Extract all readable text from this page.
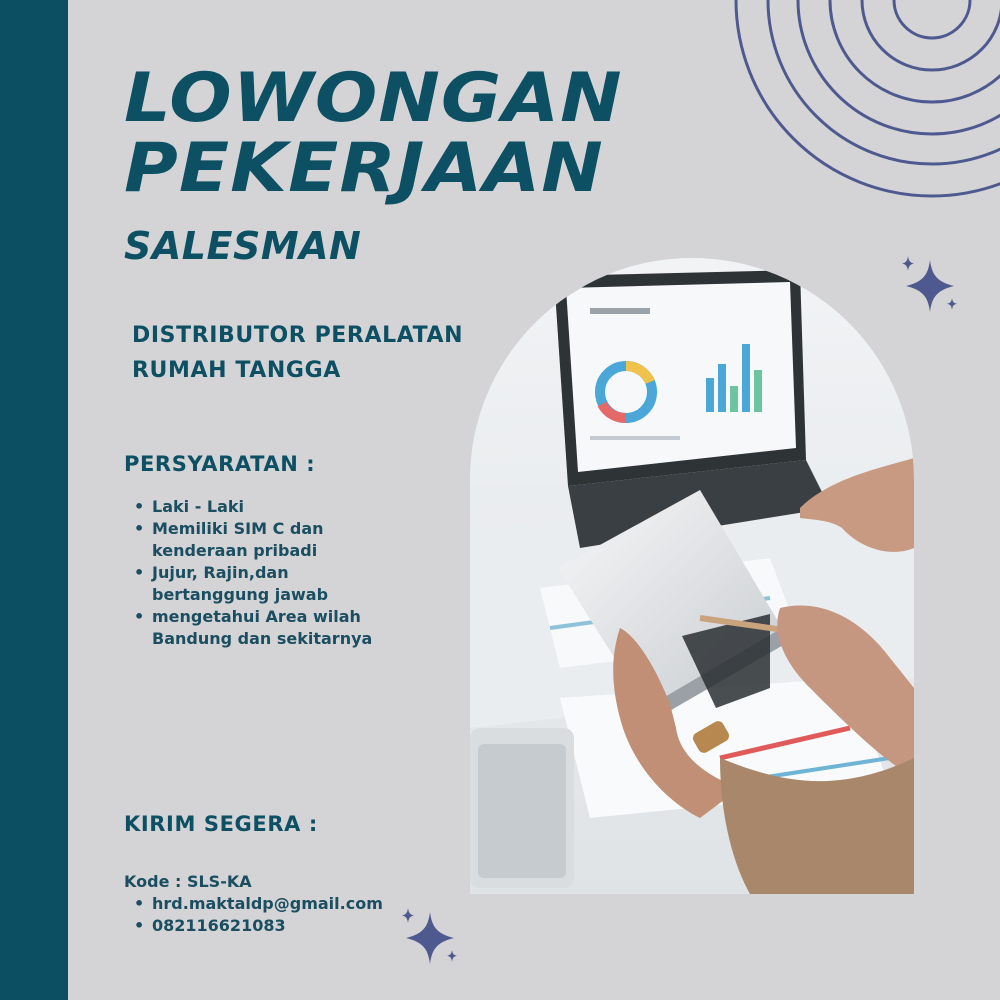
LOWONGAN
PEKERJAAN
SALESMAN
DISTRIBUTOR PERALATAN
RUMAH TANGGA
PERSYARATAN :
• Laki - Laki
• Memiliki SIM C dan
kenderaan pribadi
• Jujur, Rajin,dan
bertanggung jawab
• mengetahui Area wilah
Bandung dan sekitarnya
KIRIM SEGERA :
Kode : SLS-KA
• hrd.maktaldp@gmail.com
• 082116621083
